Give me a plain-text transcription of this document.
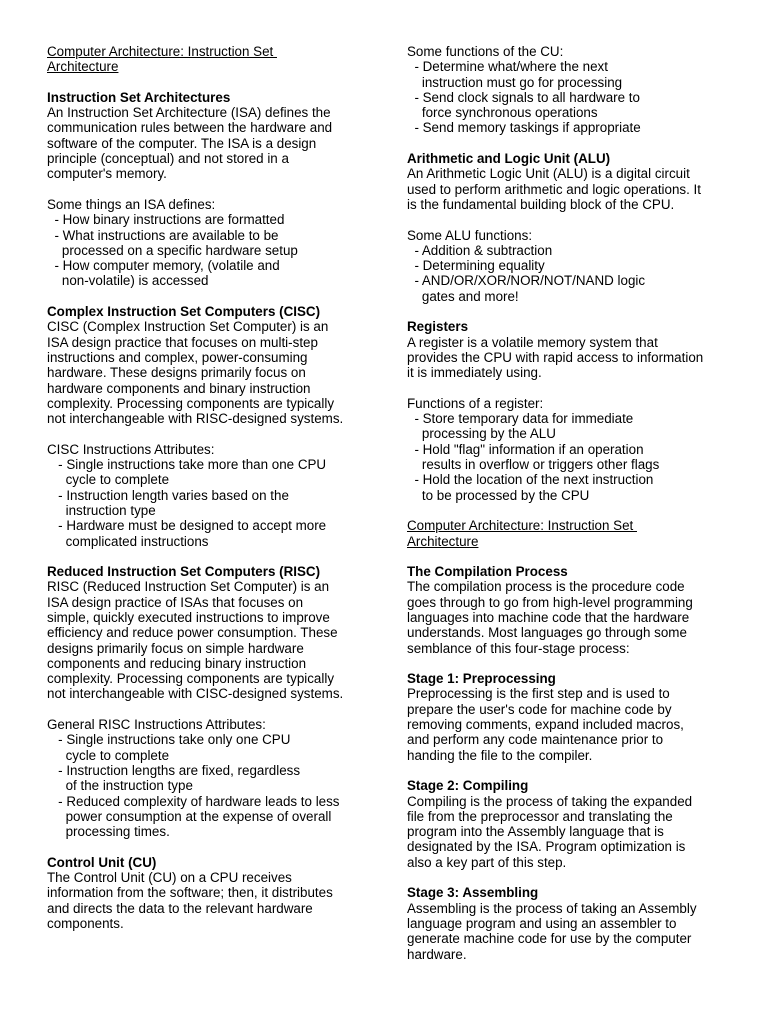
Computer Architecture: Instruction Set
Architecture
Instruction Set Architectures
An Instruction Set Architecture (ISA) defines the
communication rules between the hardware and
software of the computer. The ISA is a design
principle (conceptual) and not stored in a
computer's memory.
Some things an ISA defines:
- How binary instructions are formatted
- What instructions are available to be
processed on a specific hardware setup
- How computer memory, (volatile and
non-volatile) is accessed
Complex Instruction Set Computers (CISC)
CISC (Complex Instruction Set Computer) is an
ISA design practice that focuses on multi-step
instructions and complex, power-consuming
hardware. These designs primarily focus on
hardware components and binary instruction
complexity. Processing components are typically
not interchangeable with RISC-designed systems.
CISC Instructions Attributes:
- Single instructions take more than one CPU
cycle to complete
- Instruction length varies based on the
instruction type
- Hardware must be designed to accept more
complicated instructions
Reduced Instruction Set Computers (RISC)
RISC (Reduced Instruction Set Computer) is an
ISA design practice of ISAs that focuses on
simple, quickly executed instructions to improve
efficiency and reduce power consumption. These
designs primarily focus on simple hardware
components and reducing binary instruction
complexity. Processing components are typically
not interchangeable with CISC-designed systems.
General RISC Instructions Attributes:
- Single instructions take only one CPU
cycle to complete
- Instruction lengths are fixed, regardless
of the instruction type
- Reduced complexity of hardware leads to less
power consumption at the expense of overall
processing times.
Control Unit (CU)
The Control Unit (CU) on a CPU receives
information from the software; then, it distributes
and directs the data to the relevant hardware
components.
Some functions of the CU:
- Determine what/where the next
instruction must go for processing
- Send clock signals to all hardware to
force synchronous operations
- Send memory taskings if appropriate
Arithmetic and Logic Unit (ALU)
An Arithmetic Logic Unit (ALU) is a digital circuit
used to perform arithmetic and logic operations. It
is the fundamental building block of the CPU.
Some ALU functions:
- Addition & subtraction
- Determining equality
- AND/OR/XOR/NOR/NOT/NAND logic
gates and more!
Registers
A register is a volatile memory system that
provides the CPU with rapid access to information
it is immediately using.
Functions of a register:
- Store temporary data for immediate
processing by the ALU
- Hold "flag" information if an operation
results in overflow or triggers other flags
- Hold the location of the next instruction
to be processed by the CPU
Computer Architecture: Instruction Set
Architecture
The Compilation Process
The compilation process is the procedure code
goes through to go from high-level programming
languages into machine code that the hardware
understands. Most languages go through some
semblance of this four-stage process:
Stage 1: Preprocessing
Preprocessing is the first step and is used to
prepare the user's code for machine code by
removing comments, expand included macros,
and perform any code maintenance prior to
handing the file to the compiler.
Stage 2: Compiling
Compiling is the process of taking the expanded
file from the preprocessor and translating the
program into the Assembly language that is
designated by the ISA. Program optimization is
also a key part of this step.
Stage 3: Assembling
Assembling is the process of taking an Assembly
language program and using an assembler to
generate machine code for use by the computer
hardware.
